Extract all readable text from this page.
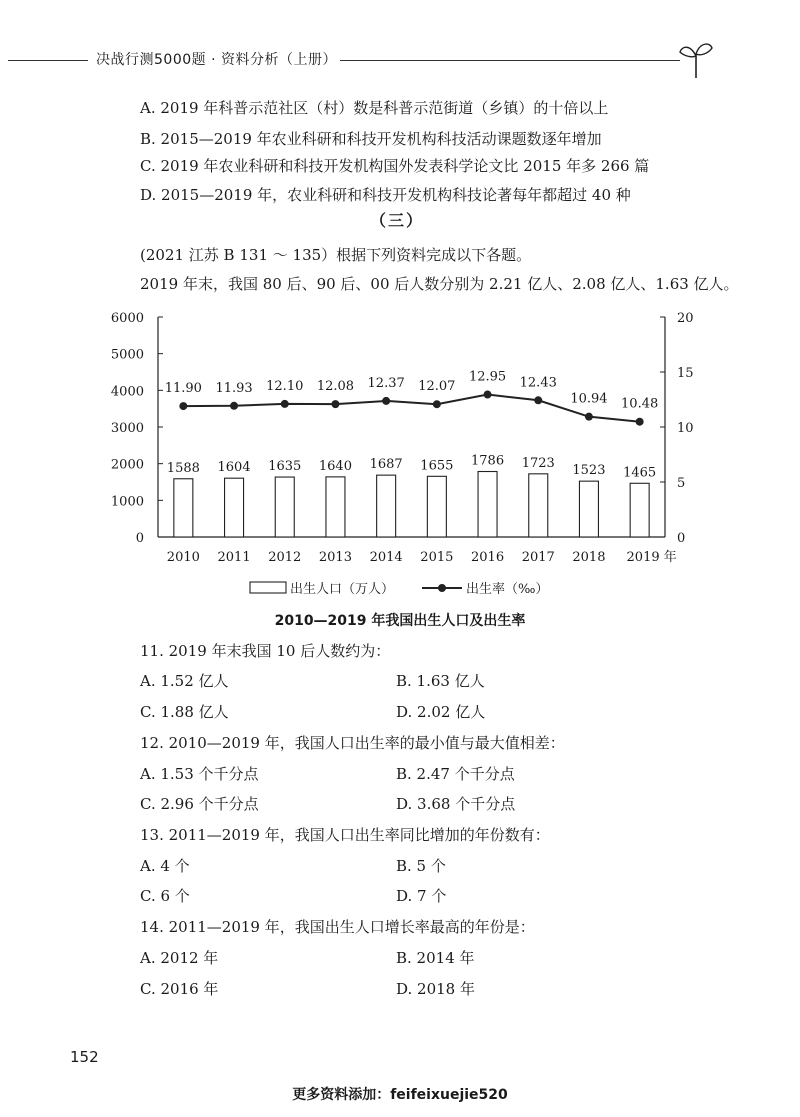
决战行测5000题 · 资料分析（上册）
A. 2019 年科普示范社区（村）数是科普示范街道（乡镇）的十倍以上
B. 2015—2019 年农业科研和科技开发机构科技活动课题数逐年增加
C. 2019 年农业科研和科技开发机构国外发表科学论文比 2015 年多 266 篇
D. 2015—2019 年，农业科研和科技开发机构科技论著每年都超过 40 种
（三）
(2021 江苏 B 131 ～ 135）根据下列资料完成以下各题。
2019 年末，我国 80 后、90 后、00 后人数分别为 2.21 亿人、2.08 亿人、1.63 亿人。
0
1000
2000
3000
4000
5000
6000
0
5
10
15
20
2010 2011 2012 2013 2014 2015 2016 2017 2018 2019 年
1588 1604 1635 1640 1687 1655 1786 1723 1523 1465
11.90 11.93 12.10 12.08 12.37 12.07
12.95 12.43
10.94 10.48
出生人口（万人）	出生率（‰）
2010—2019 年我国出生人口及出生率
11. 2019 年末我国 10 后人数约为：
A. 1.52 亿人	B. 1.63 亿人
C. 1.88 亿人	D. 2.02 亿人
12. 2010—2019 年，我国人口出生率的最小值与最大值相差：
A. 1.53 个千分点	B. 2.47 个千分点
C. 2.96 个千分点	D. 3.68 个千分点
13. 2011—2019 年，我国人口出生率同比增加的年份数有：
A. 4 个	B. 5 个
C. 6 个	D. 7 个
14. 2011—2019 年，我国出生人口增长率最高的年份是：
A. 2012 年	B. 2014 年
C. 2016 年	D. 2018 年
152
更多资料添加：feifeixuejie520
